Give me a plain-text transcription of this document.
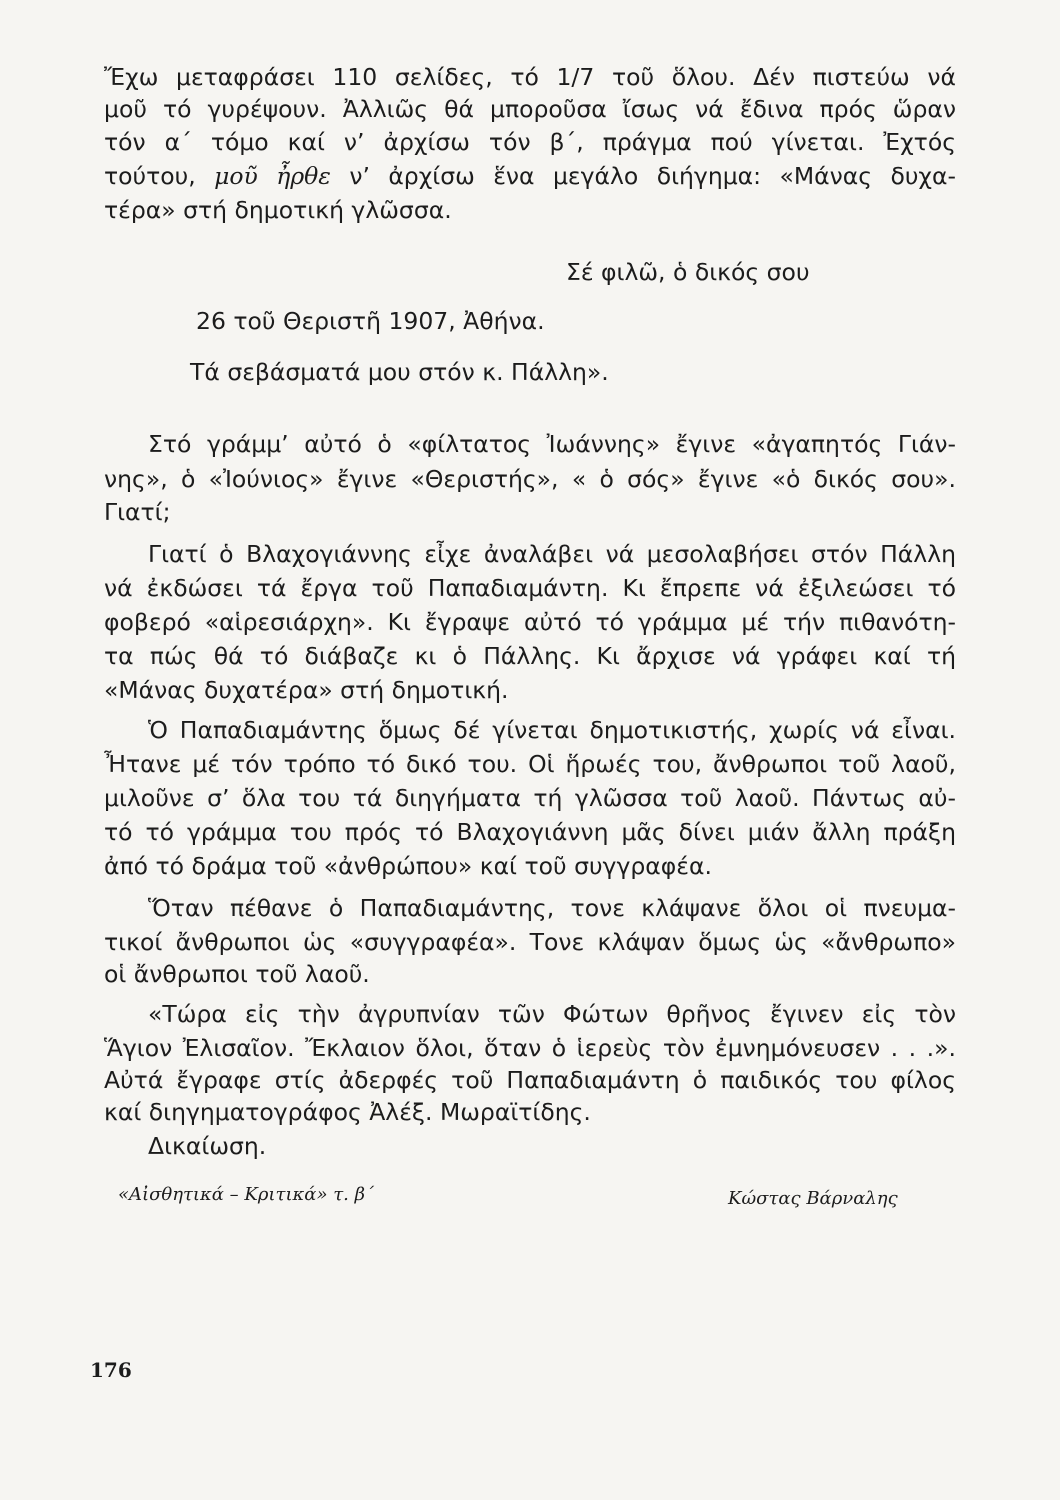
Ἔχω μεταφράσει 110 σελίδες, τό 1/7 τοῦ ὅλου. Δέν πιστεύω νά
μοῦ τό γυρέψουν. Ἀλλιῶς θά μποροῦσα ἴσως νά ἔδινα πρός ὥραν
τόν α΄ τόμο καί ν’ ἀρχίσω τόν β΄, πράγμα πού γίνεται. Ἐχτός
τούτου, μοῦ ἦρθε ν’ ἀρχίσω ἕνα μεγάλο διήγημα: «Μάνας δυχα-
τέρα» στή δημοτική γλῶσσα.
Σέ φιλῶ, ὁ δικός σου
26 τοῦ Θεριστῆ 1907, Ἀθήνα.
Τά σεβάσματά μου στόν κ. Πάλλη».
Στό γράμμ’ αὐτό ὁ «φίλτατος Ἰωάννης» ἔγινε «ἀγαπητός Γιάν-
νης», ὁ «Ἰούνιος» ἔγινε «Θεριστής», « ὁ σός» ἔγινε «ὁ δικός σου».
Γιατί;
Γιατί ὁ Βλαχογιάννης εἶχε ἀναλάβει νά μεσολαβήσει στόν Πάλλη
νά ἐκδώσει τά ἔργα τοῦ Παπαδιαμάντη. Κι ἔπρεπε νά ἐξιλεώσει τό
φοβερό «αἱρεσιάρχη». Κι ἔγραψε αὐτό τό γράμμα μέ τήν πιθανότη-
τα πώς θά τό διάβαζε κι ὁ Πάλλης. Κι ἄρχισε νά γράφει καί τή
«Μάνας δυχατέρα» στή δημοτική.
Ὁ Παπαδιαμάντης ὅμως δέ γίνεται δημοτικιστής, χωρίς νά εἶναι.
Ἦτανε μέ τόν τρόπο τό δικό του. Οἱ ἥρωές του, ἄνθρωποι τοῦ λαοῦ,
μιλοῦνε σ’ ὅλα του τά διηγήματα τή γλῶσσα τοῦ λαοῦ. Πάντως αὐ-
τό τό γράμμα του πρός τό Βλαχογιάννη μᾶς δίνει μιάν ἄλλη πράξη
ἀπό τό δράμα τοῦ «ἀνθρώπου» καί τοῦ συγγραφέα.
Ὅταν πέθανε ὁ Παπαδιαμάντης, τονε κλάψανε ὅλοι οἱ πνευμα-
τικοί ἄνθρωποι ὡς «συγγραφέα». Τονε κλάψαν ὅμως ὡς «ἄνθρωπο»
οἱ ἄνθρωποι τοῦ λαοῦ.
«Τώρα εἰς τὴν ἀγρυπνίαν τῶν Φώτων θρῆνος ἔγινεν εἰς τὸν
Ἅγιον Ἐλισαῖον. Ἔκλαιον ὅλοι, ὅταν ὁ ἱερεὺς τὸν ἐμνημόνευσεν . . .».
Αὐτά ἔγραφε στίς ἀδερφές τοῦ Παπαδιαμάντη ὁ παιδικός του φίλος
καί διηγηματογράφος Ἀλέξ. Μωραϊτίδης.
Δικαίωση.
«Αἰσθητικά – Κριτικά» τ. β΄	Κώστας Βάρναλης
176
